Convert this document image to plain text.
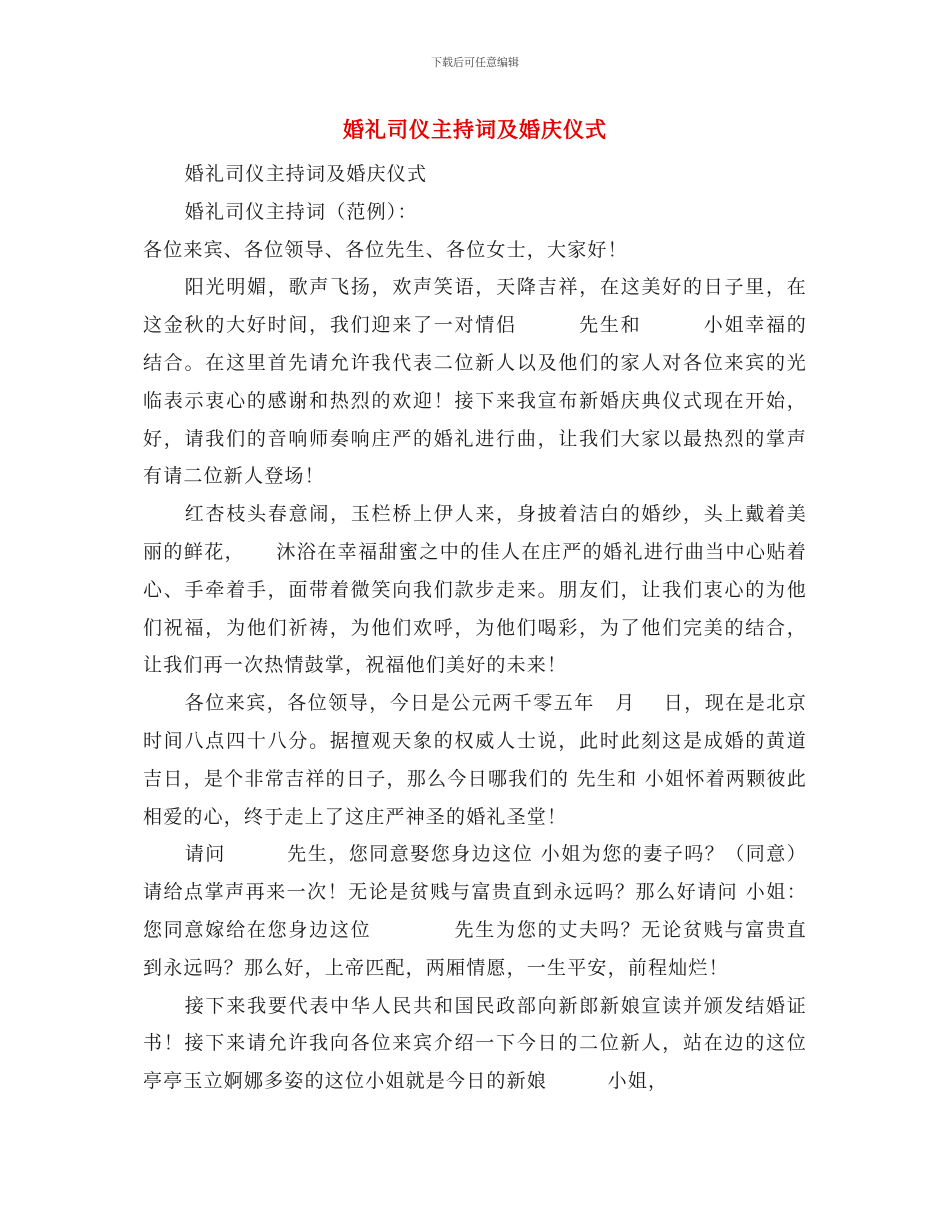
下载后可任意编辑
婚礼司仪主持词及婚庆仪式

婚礼司仪主持词及婚庆仪式

婚礼司仪主持词（范例）：

各位来宾、各位领导、各位先生、各位女士，大家好！

阳光明媚，歌声飞扬，欢声笑语，天降吉祥，在这美好的日子里，在这金秋的大好时间，我们迎来了一对情侣　　　先生和　　　小姐幸福的结合。在这里首先请允许我代表二位新人以及他们的家人对各位来宾的光临表示衷心的感谢和热烈的欢迎！接下来我宣布新婚庆典仪式现在开始，好，请我们的音响师奏响庄严的婚礼进行曲，让我们大家以最热烈的掌声有请二位新人登场！

红杏枝头春意闹，玉栏桥上伊人来，身披着洁白的婚纱，头上戴着美丽的鲜花，　　沐浴在幸福甜蜜之中的佳人在庄严的婚礼进行曲当中心贴着心、手牵着手，面带着微笑向我们款步走来。朋友们，让我们衷心的为他们祝福，为他们祈祷，为他们欢呼，为他们喝彩，为了他们完美的结合，让我们再一次热情鼓掌，祝福他们美好的未来！

各位来宾，各位领导，今日是公元两千零五年　月　 日，现在是北京时间八点四十八分。据擅观天象的权威人士说，此时此刻这是成婚的黄道吉日，是个非常吉祥的日子，那么今日哪我们的 先生和 小姐怀着两颗彼此相爱的心，终于走上了这庄严神圣的婚礼圣堂！

请问　　　先生，您同意娶您身边这位 小姐为您的妻子吗？（同意）请给点掌声再来一次！无论是贫贱与富贵直到永远吗？那么好请问 小姐：您同意嫁给在您身边这位　　　　先生为您的丈夫吗？无论贫贱与富贵直到永远吗？那么好，上帝匹配，两厢情愿，一生平安，前程灿烂！

接下来我要代表中华人民共和国民政部向新郎新娘宣读并颁发结婚证书！接下来请允许我向各位来宾介绍一下今日的二位新人，站在边的这位亭亭玉立婀娜多姿的这位小姐就是今日的新娘　　　小姐，
